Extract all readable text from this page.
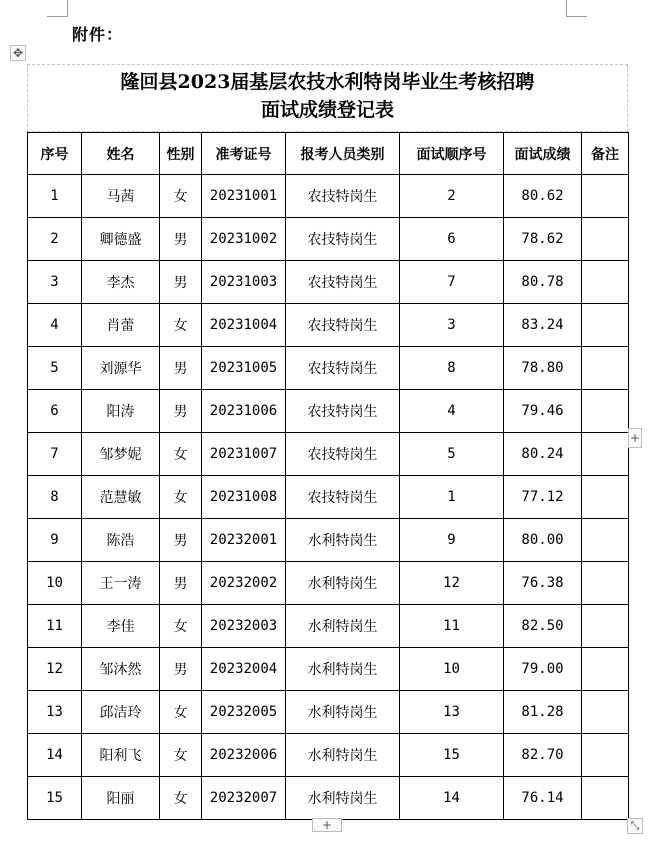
附件：
✥
隆回县2023届基层农技水利特岗毕业生考核招聘
面试成绩登记表
序号	姓名	性别	准考证号	报考人员类别	面试顺序号	面试成绩	备注
1	马茜	女	20231001	农技特岗生	2	80.62	
2	卿德盛	男	20231002	农技特岗生	6	78.62	
3	李杰	男	20231003	农技特岗生	7	80.78	
4	肖蕾	女	20231004	农技特岗生	3	83.24	
5	刘源华	男	20231005	农技特岗生	8	78.80	
6	阳涛	男	20231006	农技特岗生	4	79.46	
7	邹梦妮	女	20231007	农技特岗生	5	80.24	
8	范慧敏	女	20231008	农技特岗生	1	77.12	
9	陈浩	男	20232001	水利特岗生	9	80.00	
10	王一涛	男	20232002	水利特岗生	12	76.38	
11	李佳	女	20232003	水利特岗生	11	82.50	
12	邹沐然	男	20232004	水利特岗生	10	79.00	
13	邱洁玲	女	20232005	水利特岗生	13	81.28	
14	阳利飞	女	20232006	水利特岗生	15	82.70	
15	阳丽	女	20232007	水利特岗生	14	76.14	
+
+	⤡
